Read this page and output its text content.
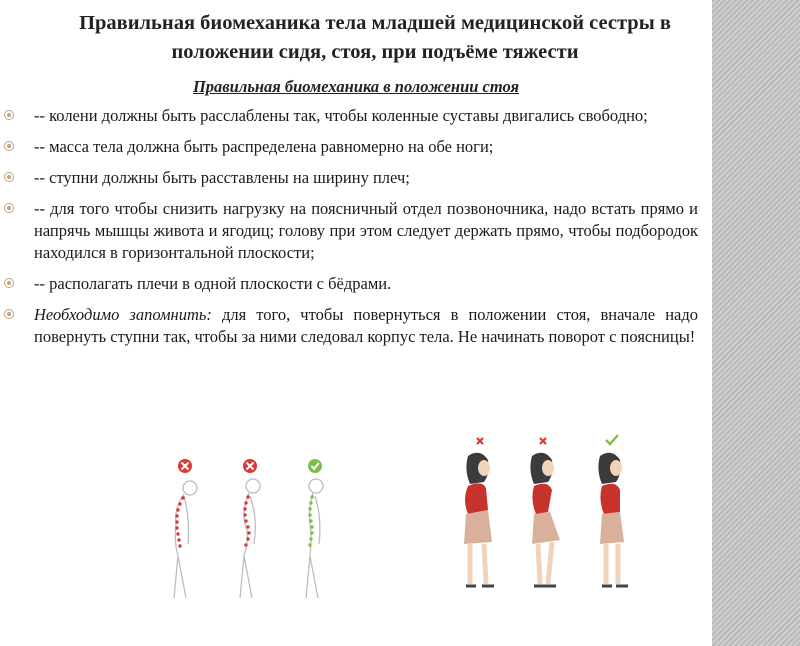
Правильная биомеханика тела младшей медицинской сестры в положении сидя, стоя, при подъёме тяжести
Правильная биомеханика в положении стоя
-- колени должны быть расслаблены так, чтобы коленные суставы двигались свободно;
-- масса тела должна быть распределена равномерно на обе ноги;
-- ступни должны быть расставлены на ширину плеч;
-- для того чтобы снизить нагрузку на поясничный отдел позвоночника, надо встать прямо и напрячь мышцы живота и ягодиц; голову при этом следует держать прямо, чтобы подбородок находился в горизонтальной плоскости;
-- располагать плечи в одной плоскости с бёдрами.
Необходимо запомнить: для того, чтобы повернуться в положении стоя, вначале надо повернуть ступни так, чтобы за ними следовал корпус тела. Не начинать поворот с поясницы!
